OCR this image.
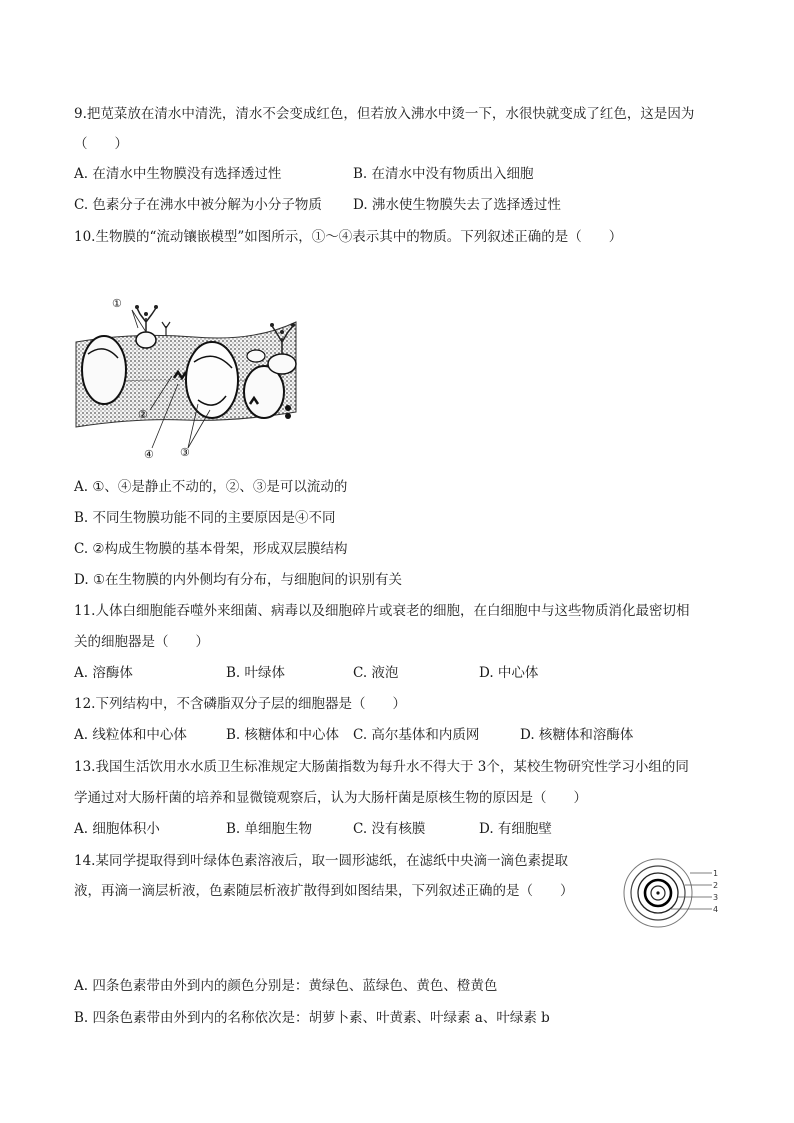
9.把苋菜放在清水中清洗，清水不会变成红色，但若放入沸水中烫一下，水很快就变成了红色，这是因为
（　　）
A. 在清水中生物膜没有选择透过性	B. 在清水中没有物质出入细胞
C. 色素分子在沸水中被分解为小分子物质 D. 沸水使生物膜失去了选择透过性
10.生物膜的“流动镶嵌模型”如图所示，①～④表示其中的物质。下列叙述正确的是（　　）
①
②
④ ③
A. ①、④是静止不动的，②、③是可以流动的
B. 不同生物膜功能不同的主要原因是④不同
C. ②构成生物膜的基本骨架，形成双层膜结构
D. ①在生物膜的内外侧均有分布，与细胞间的识别有关
11.人体白细胞能吞噬外来细菌、病毒以及细胞碎片或衰老的细胞，在白细胞中与这些物质消化最密切相
关的细胞器是（　　）
A. 溶酶体	B. 叶绿体	C. 液泡	D. 中心体
12.下列结构中，不含磷脂双分子层的细胞器是（　　）
A. 线粒体和中心体	B. 核糖体和中心体 C. 高尔基体和内质网	D. 核糖体和溶酶体
13.我国生活饮用水水质卫生标准规定大肠菌指数为每升水不得大于 3个，某校生物研究性学习小组的同
学通过对大肠杆菌的培养和显微镜观察后，认为大肠杆菌是原核生物的原因是（　　）
A. 细胞体积小	B. 单细胞生物	C. 没有核膜	D. 有细胞壁
14.某同学提取得到叶绿体色素溶液后，取一圆形滤纸，在滤纸中央滴一滴色素提取
液，再滴一滴层析液，色素随层析液扩散得到如图结果，下列叙述正确的是（　　）
1
2
3
4
A. 四条色素带由外到内的颜色分别是：黄绿色、蓝绿色、黄色、橙黄色
B. 四条色素带由外到内的名称依次是：胡萝卜素、叶黄素、叶绿素 a、叶绿素 b
